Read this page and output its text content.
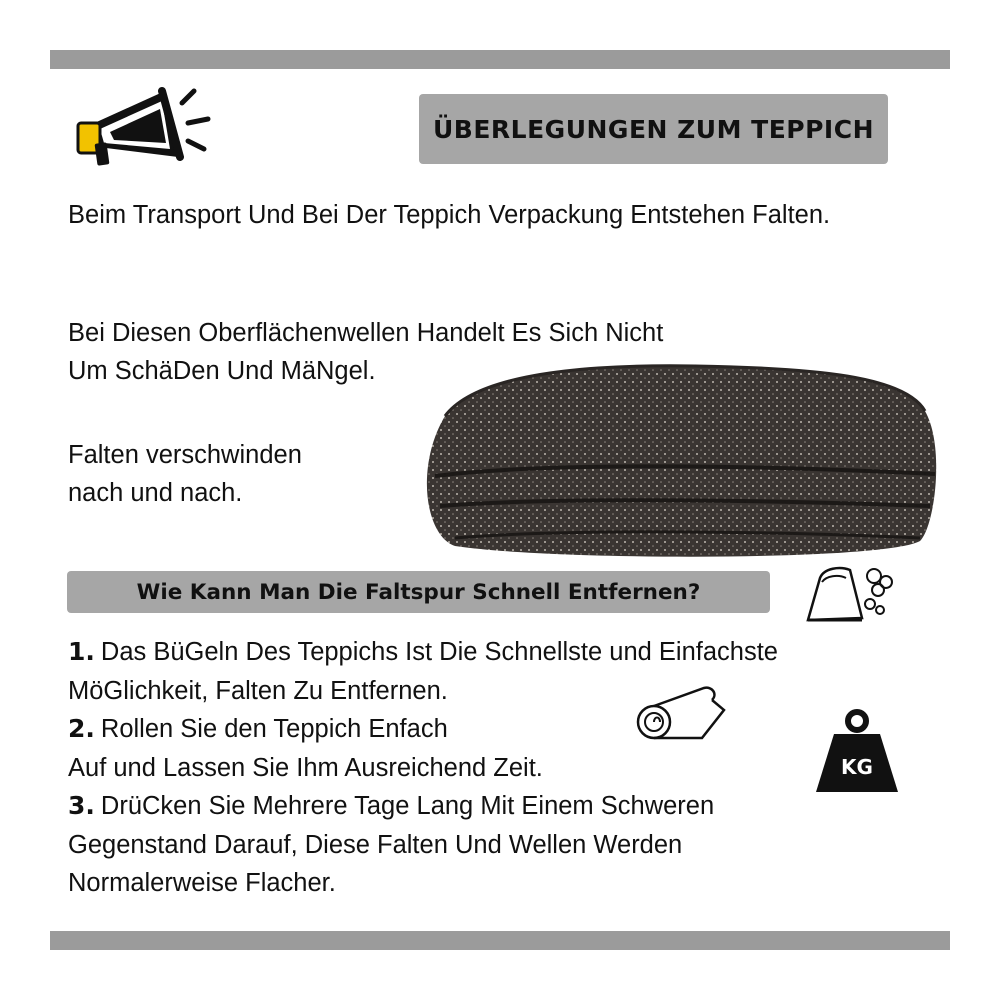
ÜBERLEGUNGEN ZUM TEPPICH

Beim Transport Und Bei Der Teppich Verpackung Entstehen Falten.

Bei Diesen Oberflächenwellen Handelt Es Sich Nicht
Um SchäDen Und MäNgel.

Falten verschwinden
nach und nach.

Wie Kann Man Die Faltspur Schnell Entfernen?
1. Das BüGeln Des Teppichs Ist Die Schnellste und Einfachste
MöGlichkeit, Falten Zu Entfernen.
2. Rollen Sie den Teppich Enfach
Auf und Lassen Sie Ihm Ausreichend Zeit.
3. DrüCken Sie Mehrere Tage Lang Mit Einem Schweren
Gegenstand Darauf, Diese Falten Und Wellen Werden
Normalerweise Flacher.
KG
